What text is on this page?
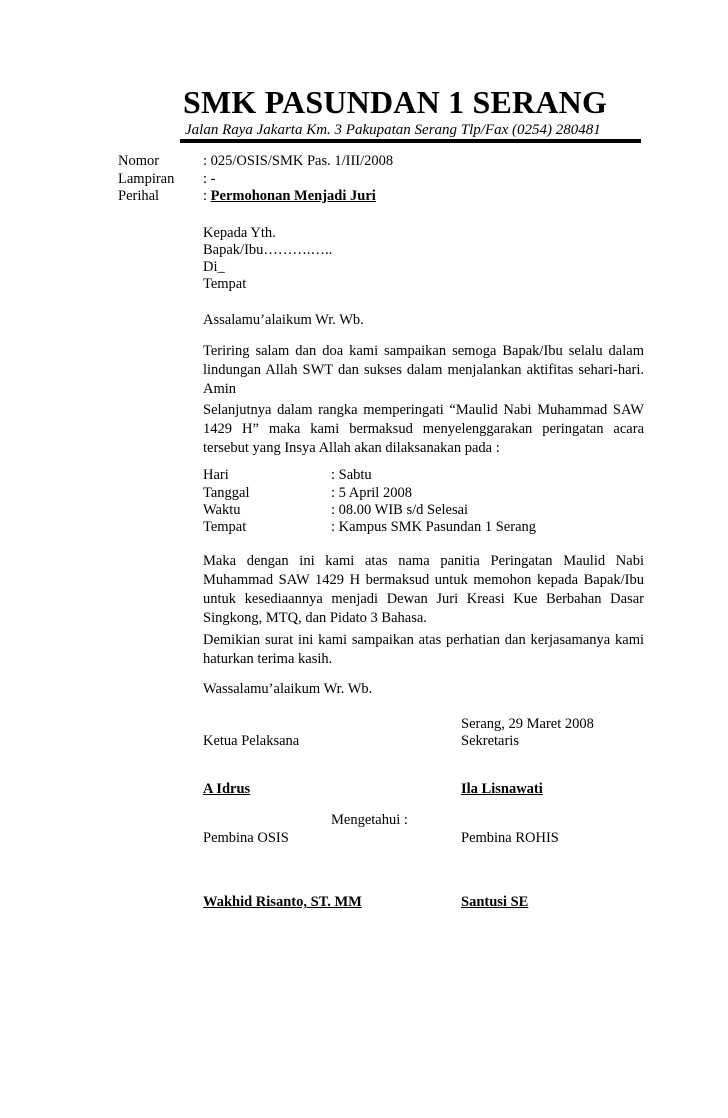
SMK PASUNDAN 1 SERANG
Jalan Raya Jakarta Km. 3 Pakupatan Serang Tlp/Fax (0254) 280481
Nomor	: 025/OSIS/SMK Pas. 1/III/2008
Lampiran : -
Perihal	: Permohonan Menjadi Juri
Kepada Yth.
Bapak/Ibu……….…..
Di_
Tempat
Assalamu’alaikum Wr. Wb.
Teriring salam dan doa kami sampaikan semoga Bapak/Ibu selalu dalam lindungan Allah SWT dan sukses dalam menjalankan aktifitas sehari-hari. Amin
Selanjutnya dalam rangka memperingati “Maulid Nabi Muhammad SAW 1429 H” maka kami bermaksud menyelenggarakan peringatan acara tersebut yang Insya Allah akan dilaksanakan pada :
Hari	: Sabtu
Tanggal	: 5 April 2008
Waktu	: 08.00 WIB s/d Selesai
Tempat	: Kampus SMK Pasundan 1 Serang
Maka dengan ini kami atas nama panitia Peringatan Maulid Nabi Muhammad SAW 1429 H bermaksud untuk memohon kepada Bapak/Ibu untuk kesediaannya menjadi Dewan Juri Kreasi Kue Berbahan Dasar Singkong, MTQ, dan Pidato 3 Bahasa.
Demikian surat ini kami sampaikan atas perhatian dan kerjasamanya kami haturkan terima kasih.
Wassalamu’alaikum Wr. Wb.
Serang, 29 Maret 2008
Ketua Pelaksana	Sekretaris
A Idrus	Ila Lisnawati
Mengetahui :
Pembina OSIS	Pembina ROHIS
Wakhid Risanto, ST. MM	Santusi SE
